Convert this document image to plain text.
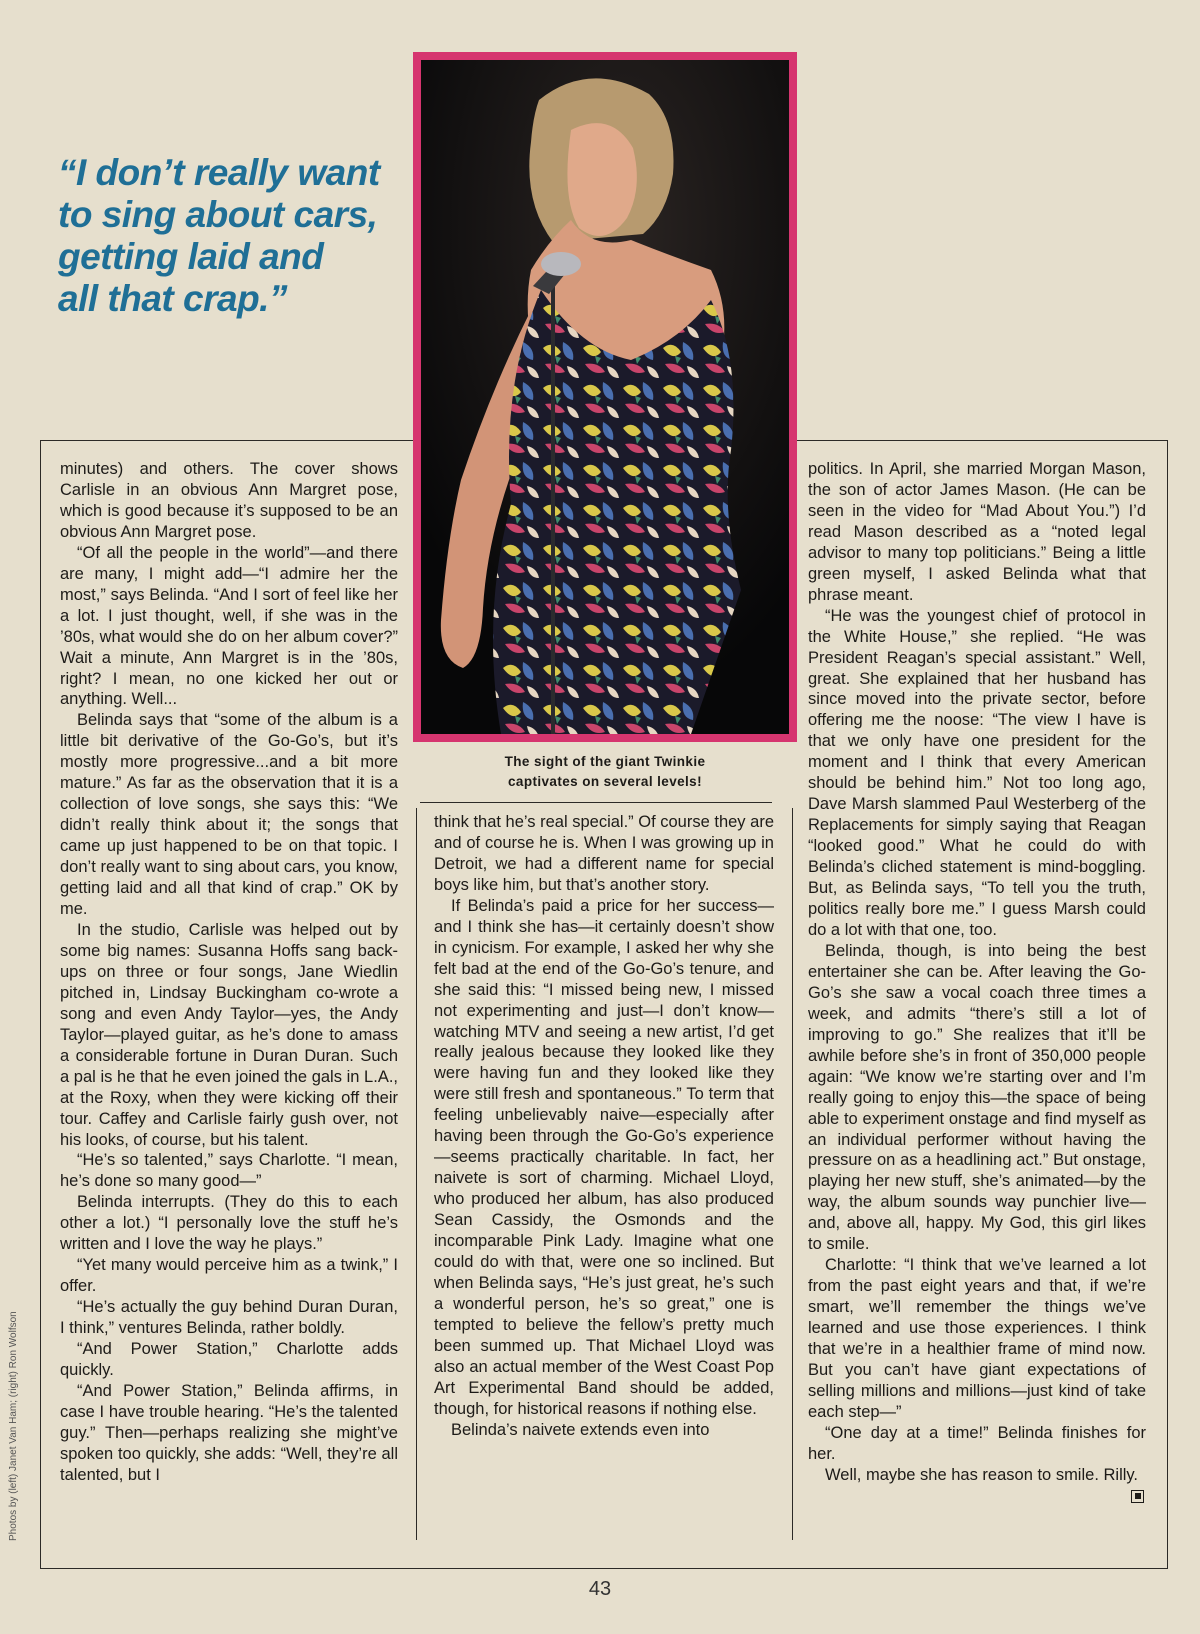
“I don’t really want
to sing about cars,
getting laid and
all that crap.”
The sight of the giant Twinkie
captivates on several levels!

minutes) and others. The cover shows Carlisle in an obvious Ann Margret pose, which is good because it’s supposed to be an obvious Ann Margret pose.

“Of all the people in the world”—and there are many, I might add—“I admire her the most,” says Belinda. “And I sort of feel like her a lot. I just thought, well, if she was in the ’80s, what would she do on her album cover?” Wait a minute, Ann Margret is in the ’80s, right? I mean, no one kicked her out or anything. Well...

Belinda says that “some of the album is a little bit derivative of the Go-Go’s, but it’s mostly more progressive...and a bit more mature.” As far as the observation that it is a collection of love songs, she says this: “We didn’t really think about it; the songs that came up just happened to be on that topic. I don’t really want to sing about cars, you know, getting laid and all that kind of crap.” OK by me.

In the studio, Carlisle was helped out by some big names: Susanna Hoffs sang back-ups on three or four songs, Jane Wiedlin pitched in, Lindsay Buckingham co-wrote a song and even Andy Taylor—yes, the Andy Taylor—played guitar, as he’s done to amass a considerable fortune in Duran Duran. Such a pal is he that he even joined the gals in L.A., at the Roxy, when they were kicking off their tour. Caffey and Carlisle fairly gush over, not his looks, of course, but his talent.

“He’s so talented,” says Charlotte. “I mean, he’s done so many good—”

Belinda interrupts. (They do this to each other a lot.) “I personally love the stuff he’s written and I love the way he plays.”

“Yet many would perceive him as a twink,” I offer.

“He’s actually the guy behind Duran Duran, I think,” ventures Belinda, rather boldly.

“And Power Station,” Charlotte adds quickly.

“And Power Station,” Belinda affirms, in case I have trouble hearing. “He’s the talented guy.” Then—perhaps realizing she might’ve spoken too quickly, she adds: “Well, they’re all talented, but I

think that he’s real special.” Of course they are and of course he is. When I was growing up in Detroit, we had a different name for special boys like him, but that’s another story.

If Belinda’s paid a price for her success—and I think she has—it certainly doesn’t show in cynicism. For example, I asked her why she felt bad at the end of the Go-Go’s tenure, and she said this: “I missed being new, I missed not experimenting and just—I don’t know—watching MTV and seeing a new artist, I’d get really jealous because they looked like they were having fun and they looked like they were still fresh and spontaneous.” To term that feeling unbelievably naive—especially after having been through the Go-Go’s experience—seems practically charitable. In fact, her naivete is sort of charming. Michael Lloyd, who produced her album, has also produced Sean Cassidy, the Osmonds and the incomparable Pink Lady. Imagine what one could do with that, were one so inclined. But when Belinda says, “He’s just great, he’s such a wonderful person, he’s so great,” one is tempted to believe the fellow’s pretty much been summed up. That Michael Lloyd was also an actual member of the West Coast Pop Art Experimental Band should be added, though, for historical reasons if nothing else.

Belinda’s naivete extends even into

politics. In April, she married Morgan Mason, the son of actor James Mason. (He can be seen in the video for “Mad About You.”) I’d read Mason described as a “noted legal advisor to many top politicians.” Being a little green myself, I asked Belinda what that phrase meant.

“He was the youngest chief of protocol in the White House,” she replied. “He was President Reagan’s special assistant.” Well, great. She explained that her husband has since moved into the private sector, before offering me the noose: “The view I have is that we only have one president for the moment and I think that every American should be behind him.” Not too long ago, Dave Marsh slammed Paul Westerberg of the Replacements for simply saying that Reagan “looked good.” What he could do with Belinda’s cliched statement is mind-boggling. But, as Belinda says, “To tell you the truth, politics really bore me.” I guess Marsh could do a lot with that one, too.

Belinda, though, is into being the best entertainer she can be. After leaving the Go-Go’s she saw a vocal coach three times a week, and admits “there’s still a lot of improving to go.” She realizes that it’ll be awhile before she’s in front of 350,000 people again: “We know we’re starting over and I’m really going to enjoy this—the space of being able to experiment onstage and find myself as an individual performer without having the pressure on as a headlining act.” But onstage, playing her new stuff, she’s animated—by the way, the album sounds way punchier live—and, above all, happy. My God, this girl likes to smile.

Charlotte: “I think that we’ve learned a lot from the past eight years and that, if we’re smart, we’ll remember the things we’ve learned and use those experiences. I think that we’re in a healthier frame of mind now. But you can’t have giant expectations of selling millions and millions—just kind of take each step—”

“One day at a time!” Belinda finishes for her.

Well, maybe she has reason to smile. Rilly.

Photos by (left) Janet Van Ham; (right) Ron Wolfson
43
